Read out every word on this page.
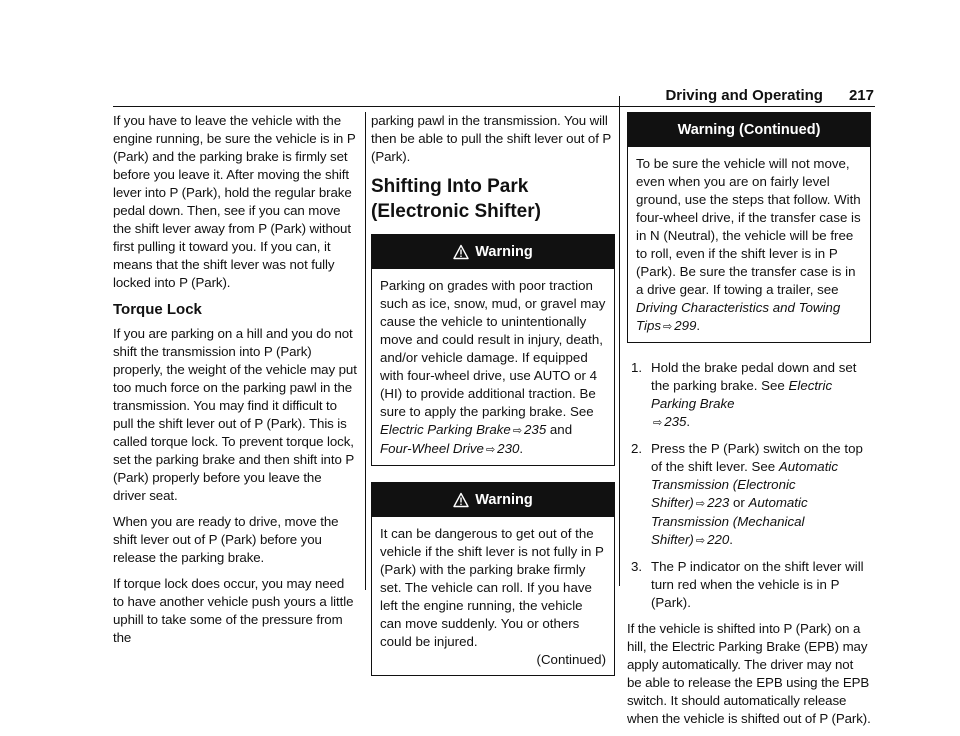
Driving and Operating 217

If you have to leave the vehicle with the engine running, be sure the vehicle is in P (Park) and the parking brake is firmly set before you leave it. After moving the shift lever into P (Park), hold the regular brake pedal down. Then, see if you can move the shift lever away from P (Park) without first pulling it toward you. If you can, it means that the shift lever was not fully locked into P (Park).

Torque Lock

If you are parking on a hill and you do not shift the transmission into P (Park) properly, the weight of the vehicle may put too much force on the parking pawl in the transmission. You may find it difficult to pull the shift lever out of P (Park). This is called torque lock. To prevent torque lock, set the parking brake and then shift into P (Park) properly before you leave the driver seat.

When you are ready to drive, move the shift lever out of P (Park) before you release the parking brake.

If torque lock does occur, you may need to have another vehicle push yours a little uphill to take some of the pressure from the

parking pawl in the transmission. You will then be able to pull the shift lever out of P (Park).

Shifting Into Park (Electronic Shifter)
Warning
Parking on grades with poor traction such as ice, snow, mud, or gravel may cause the vehicle to unintentionally move and could result in injury, death, and/or vehicle damage. If equipped with four-wheel drive, use AUTO or 4 (HI) to provide additional traction. Be sure to apply the parking brake. See Electric Parking Brake ⇨ 235 and Four-Wheel Drive ⇨ 230.
Warning
It can be dangerous to get out of the vehicle if the shift lever is not fully in P (Park) with the parking brake firmly set. The vehicle can roll. If you have left the engine running, the vehicle can move suddenly. You or others could be injured.
(Continued)
Warning (Continued)
To be sure the vehicle will not move, even when you are on fairly level ground, use the steps that follow. With four-wheel drive, if the transfer case is in N (Neutral), the vehicle will be free to roll, even if the shift lever is in P (Park). Be sure the transfer case is in a drive gear. If towing a trailer, see Driving Characteristics and Towing Tips ⇨ 299.
1. Hold the brake pedal down and set the parking brake. See Electric Parking Brake
⇨ 235.
2. Press the P (Park) switch on the top of the shift lever. See Automatic Transmission (Electronic Shifter) ⇨ 223 or Automatic Transmission (Mechanical Shifter) ⇨ 220.
3. The P indicator on the shift lever will turn red when the vehicle is in P (Park).

If the vehicle is shifted into P (Park) on a hill, the Electric Parking Brake (EPB) may apply automatically. The driver may not be able to release the EPB using the EPB switch. It should automatically release when the vehicle is shifted out of P (Park).
